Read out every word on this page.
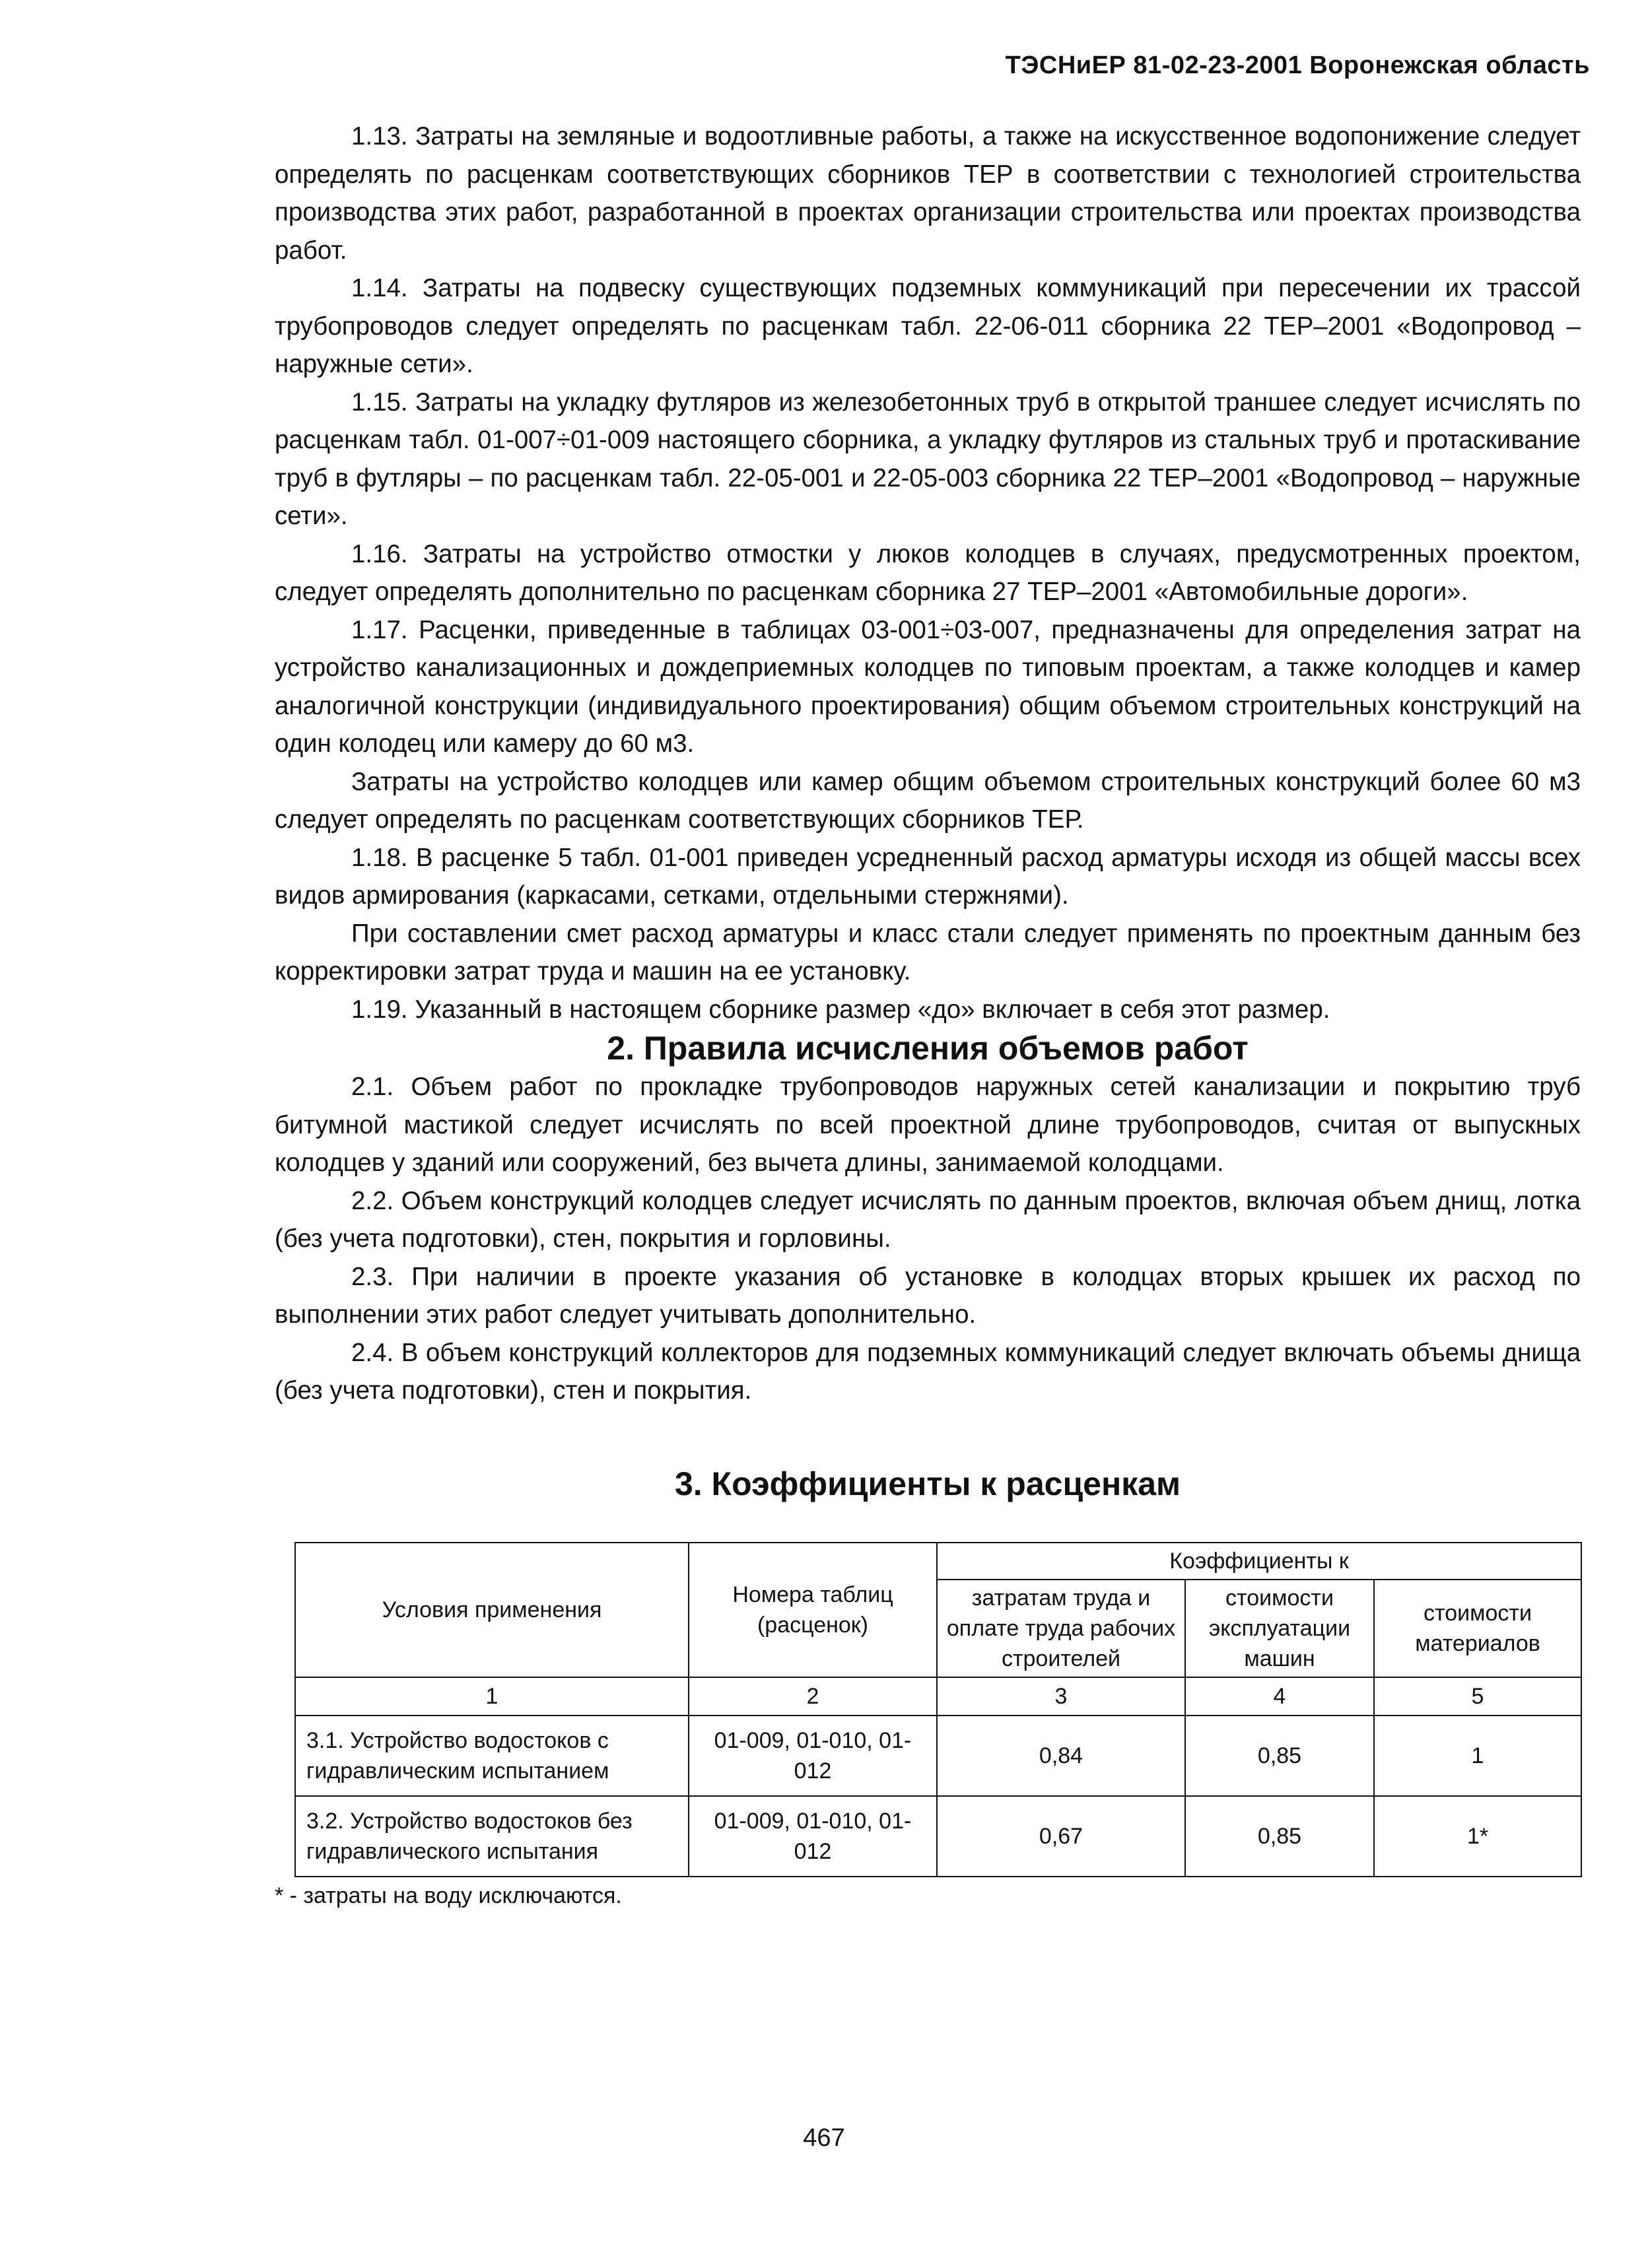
ТЭСНиЕР 81-02-23-2001 Воронежская область

1.13. Затраты на земляные и водоотливные работы, а также на искусственное водопонижение следует определять по расценкам соответствующих сборников ТЕР в соответствии с технологией строительства производства этих работ, разработанной в проектах организации строительства или проектах производства работ.

1.14. Затраты на подвеску существующих подземных коммуникаций при пересечении их трассой трубопроводов следует определять по расценкам табл. 22-06-011 сборника 22 ТЕР–2001 «Водопровод – наружные сети».

1.15. Затраты на укладку футляров из железобетонных труб в открытой траншее следует исчислять по расценкам табл. 01-007÷01-009 настоящего сборника, а укладку футляров из стальных труб и протаскивание труб в футляры – по расценкам табл. 22-05-001 и 22-05-003 сборника 22 ТЕР–2001 «Водопровод – наружные сети».

1.16. Затраты на устройство отмостки у люков колодцев в случаях, предусмотренных проектом, следует определять дополнительно по расценкам сборника 27 ТЕР–2001 «Автомобильные дороги».

1.17. Расценки, приведенные в таблицах 03-001÷03-007, предназначены для определения затрат на устройство канализационных и дождеприемных колодцев по типовым проектам, а также колодцев и камер аналогичной конструкции (индивидуального проектирования) общим объемом строительных конструкций на один колодец или камеру до 60 м3.

Затраты на устройство колодцев или камер общим объемом строительных конструкций более 60 м3 следует определять по расценкам соответствующих сборников ТЕР.

1.18. В расценке 5 табл. 01-001 приведен усредненный расход арматуры исходя из общей массы всех видов армирования (каркасами, сетками, отдельными стержнями).

При составлении смет расход арматуры и класс стали следует применять по проектным данным без корректировки затрат труда и машин на ее установку.

1.19. Указанный в настоящем сборнике размер «до» включает в себя этот размер.

2. Правила исчисления объемов работ

2.1. Объем работ по прокладке трубопроводов наружных сетей канализации и покрытию труб битумной мастикой следует исчислять по всей проектной длине трубопроводов, считая от выпускных колодцев у зданий или сооружений, без вычета длины, занимаемой колодцами.

2.2. Объем конструкций колодцев следует исчислять по данным проектов, включая объем днищ, лотка (без учета подготовки), стен, покрытия и горловины.

2.3. При наличии в проекте указания об установке в колодцах вторых крышек их расход по выполнении этих работ следует учитывать дополнительно.

2.4. В объем конструкций коллекторов для подземных коммуникаций следует включать объемы днища (без учета подготовки), стен и покрытия.

3. Коэффициенты к расценкам

Условия применения	Номера таблиц (расценок)	Коэффициенты к		
		затратам труда и оплате труда рабочих строителей	стоимости эксплуатации машин	стоимости материалов
1	2	3	4	5
3.1. Устройство водостоков с гидравлическим испытанием	01-009, 01-010, 01-012	0,84	0,85	1
3.2. Устройство водостоков без гидравлического испытания	01-009, 01-010, 01-012	0,67	0,85	1*

* - затраты на воду исключаются.

467
